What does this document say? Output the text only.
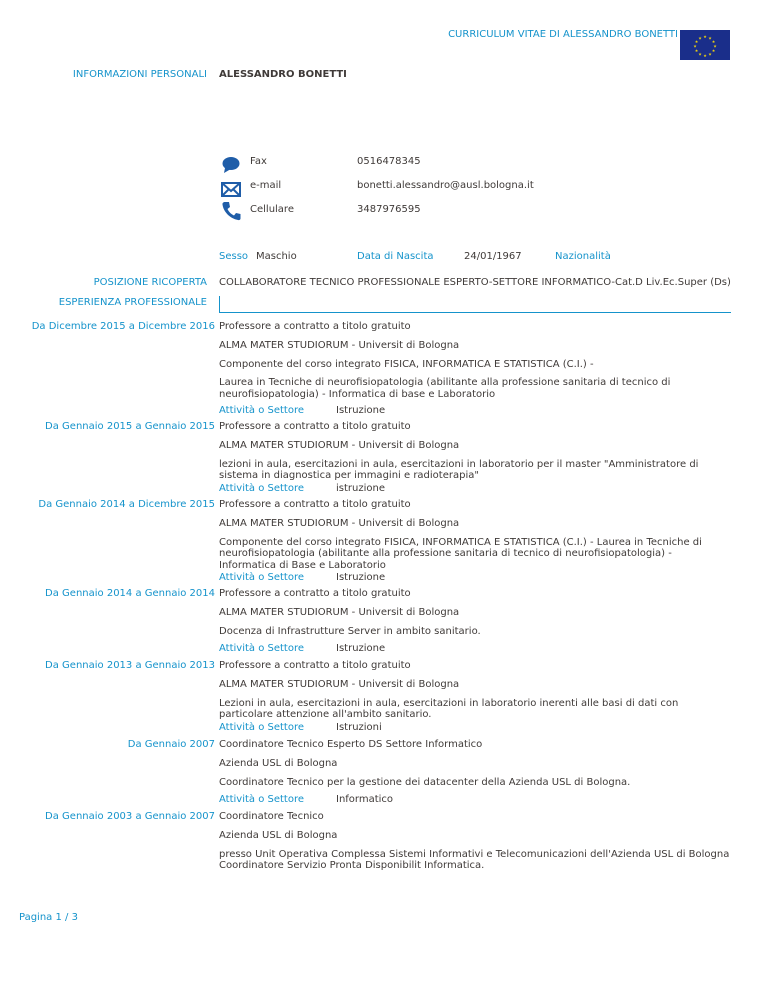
CURRICULUM VITAE DI ALESSANDRO BONETTI	★ ★
★
★
★
★
★
★
★
★
★
★
INFORMAZIONI PERSONALI ALESSANDRO BONETTI
Fax	0516478345
e-mail	bonetti.alessandro@ausl.bologna.it
Cellulare	3487976595
Sesso Maschio	Data di Nascita	24/01/1967	Nazionalità
POSIZIONE RICOPERTA COLLABORATORE TECNICO PROFESSIONALE ESPERTO-SETTORE INFORMATICO-Cat.D Liv.Ec.Super (Ds)
ESPERIENZA PROFESSIONALE
Da Dicembre 2015 a Dicembre 2016 Professore a contratto a titolo gratuito

ALMA MATER STUDIORUM - Universit di Bologna

Componente del corso integrato FISICA, INFORMATICA E STATISTICA (C.I.) -

Laurea in Tecniche di neurofisiopatologia (abilitante alla professione sanitaria di tecnico di neurofisiopatologia) - Informatica di base e Laboratorio

Attività o Settore	Istruzione
Da Gennaio 2015 a Gennaio 2015 Professore a contratto a titolo gratuito

ALMA MATER STUDIORUM - Universit di Bologna

lezioni in aula, esercitazioni in aula, esercitazioni in laboratorio per il master "Amministratore di sistema in diagnostica per immagini e radioterapia"

Attività o Settore	istruzione
Da Gennaio 2014 a Dicembre 2015 Professore a contratto a titolo gratuito

ALMA MATER STUDIORUM - Universit di Bologna

Componente del corso integrato FISICA, INFORMATICA E STATISTICA (C.I.) - Laurea in Tecniche di neurofisiopatologia (abilitante alla professione sanitaria di tecnico di neurofisiopatologia) - Informatica di Base e Laboratorio

Attività o Settore	Istruzione
Da Gennaio 2014 a Gennaio 2014 Professore a contratto a titolo gratuito

ALMA MATER STUDIORUM - Universit di Bologna

Docenza di Infrastrutture Server in ambito sanitario.

Attività o Settore	Istruzione
Da Gennaio 2013 a Gennaio 2013 Professore a contratto a titolo gratuito

ALMA MATER STUDIORUM - Universit di Bologna

Lezioni in aula, esercitazioni in aula, esercitazioni in laboratorio inerenti alle basi di dati con particolare attenzione all'ambito sanitario.

Attività o Settore	Istruzioni
Da Gennaio 2007 Coordinatore Tecnico Esperto DS Settore Informatico

Azienda USL di Bologna

Coordinatore Tecnico per la gestione dei datacenter della Azienda USL di Bologna.

Attività o Settore	Informatico
Da Gennaio 2003 a Gennaio 2007 Coordinatore Tecnico

Azienda USL di Bologna

presso Unit Operativa Complessa Sistemi Informativi e Telecomunicazioni dell'Azienda USL di Bologna Coordinatore Servizio Pronta Disponibilit Informatica.

Pagina 1 / 3
